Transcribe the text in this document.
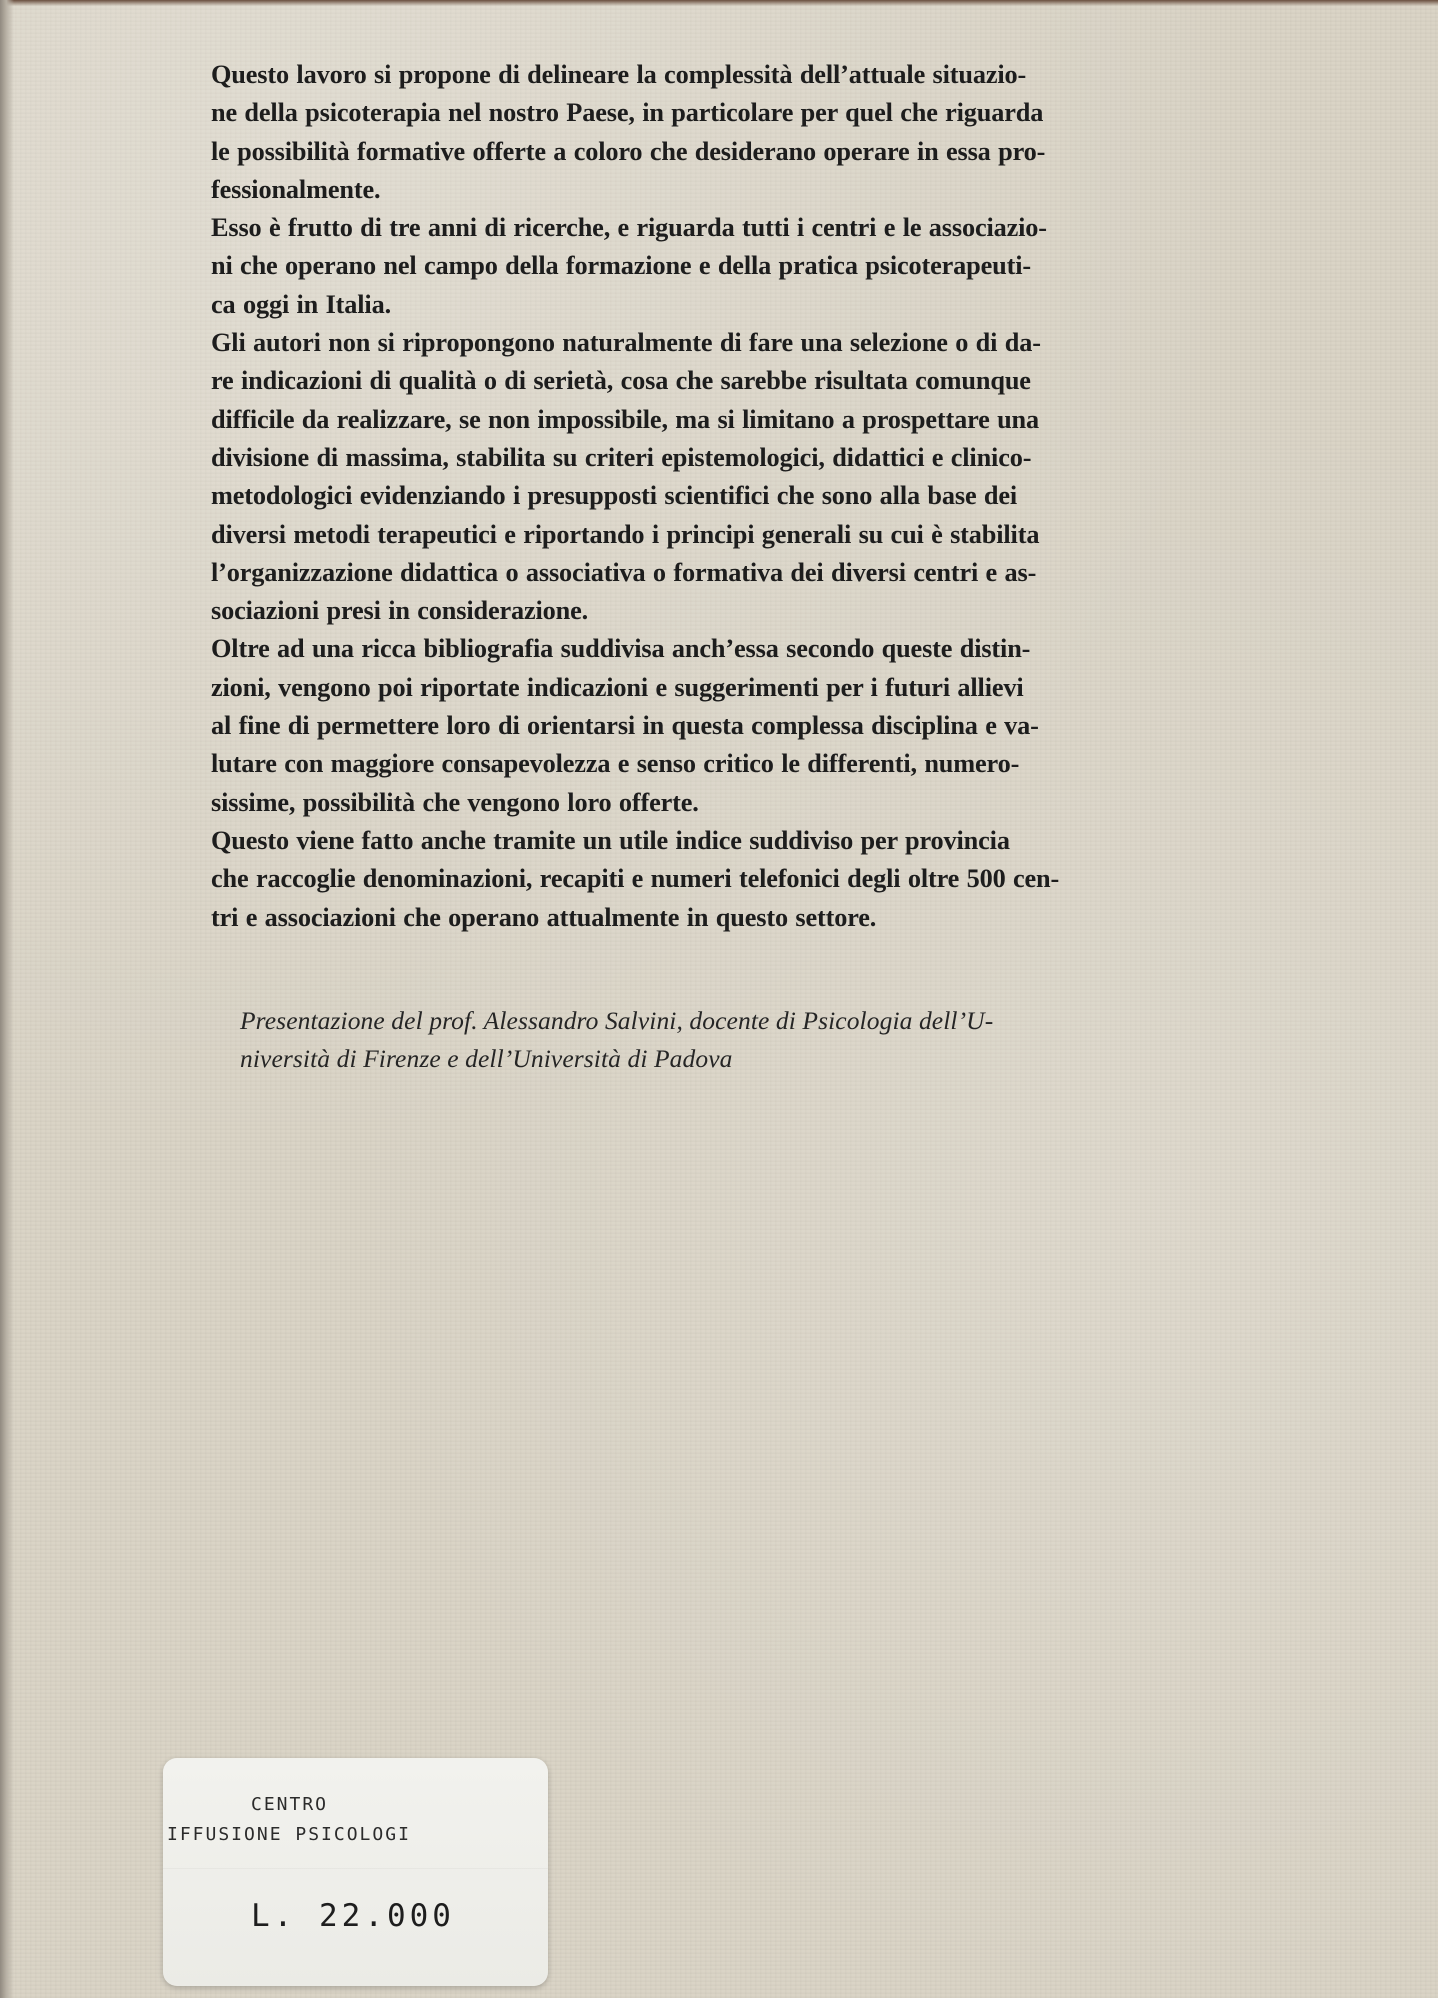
Questo lavoro si propone di delineare la complessità dell’attuale situazio-
ne della psicoterapia nel nostro Paese, in particolare per quel che riguarda
le possibilità formative offerte a coloro che desiderano operare in essa pro-
fessionalmente.
Esso è frutto di tre anni di ricerche, e riguarda tutti i centri e le associazio-
ni che operano nel campo della formazione e della pratica psicoterapeuti-
ca oggi in Italia.
Gli autori non si ripropongono naturalmente di fare una selezione o di da-
re indicazioni di qualità o di serietà, cosa che sarebbe risultata comunque
difficile da realizzare, se non impossibile, ma si limitano a prospettare una
divisione di massima, stabilita su criteri epistemologici, didattici e clinico-
metodologici evidenziando i presupposti scientifici che sono alla base dei
diversi metodi terapeutici e riportando i principi generali su cui è stabilita
l’organizzazione didattica o associativa o formativa dei diversi centri e as-
sociazioni presi in considerazione.
Oltre ad una ricca bibliografia suddivisa anch’essa secondo queste distin-
zioni, vengono poi riportate indicazioni e suggerimenti per i futuri allievi
al fine di permettere loro di orientarsi in questa complessa disciplina e va-
lutare con maggiore consapevolezza e senso critico le differenti, numero-
sissime, possibilità che vengono loro offerte.
Questo viene fatto anche tramite un utile indice suddiviso per provincia
che raccoglie denominazioni, recapiti e numeri telefonici degli oltre 500 cen-
tri e associazioni che operano attualmente in questo settore.
Presentazione del prof. Alessandro Salvini, docente di Psicologia dell’U-
niversità di Firenze e dell’Università di Padova
CENTRO
IFFUSIONE PSICOLOGI
L. 22.000
